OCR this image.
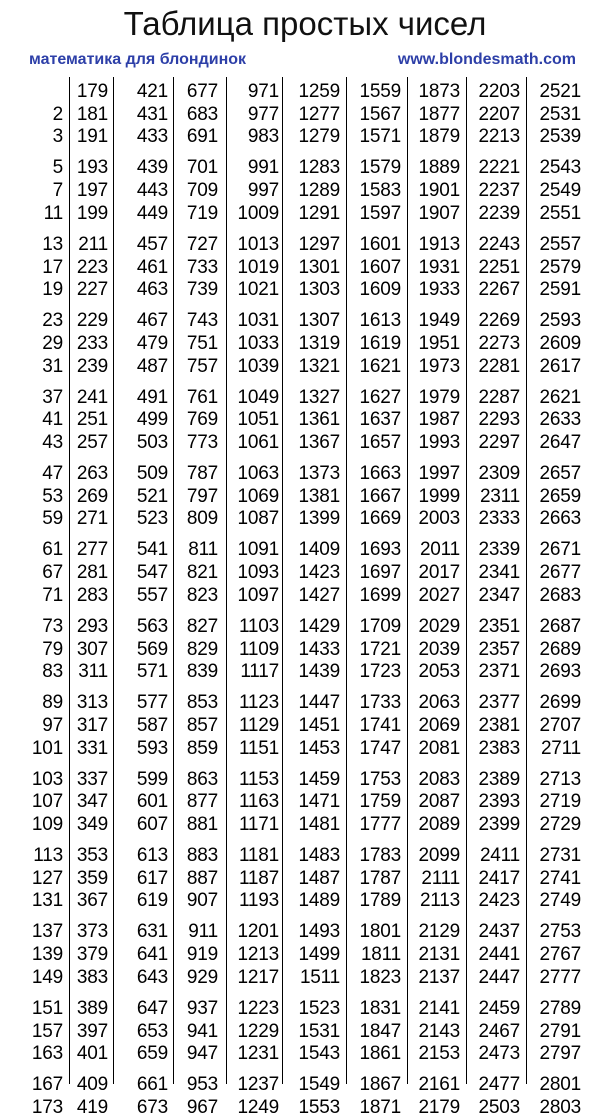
Таблица простых чисел
математика для блондинок	www.blondesmath.com
2
3
5
7
11
13
17
19
23
29
31
37
41
43
47
53
59
61
67
71
73
79
83
89
97
101
103
107
109
113
127
131
137
139
149
151
157
163
167
173
179
181
191
193
197
199
211
223
227
229
233
239
241
251
257
263
269
271
277
281
283
293
307
311
313
317
331
337
347
349
353
359
367
373
379
383
389
397
401
409
419
421
431
433
439
443
449
457
461
463
467
479
487
491
499
503
509
521
523
541
547
557
563
569
571
577
587
593
599
601
607
613
617
619
631
641
643
647
653
659
661
673
677
683
691
701
709
719
727
733
739
743
751
757
761
769
773
787
797
809
811
821
823
827
829
839
853
857
859
863
877
881
883
887
907
911
919
929
937
941
947
953
967
971
977
983
991
997
1009
1013
1019
1021
1031
1033
1039
1049
1051
1061
1063
1069
1087
1091
1093
1097
1103
1109
1117
1123
1129
1151
1153
1163
1171
1181
1187
1193
1201
1213
1217
1223
1229
1231
1237
1249
1259
1277
1279
1283
1289
1291
1297
1301
1303
1307
1319
1321
1327
1361
1367
1373
1381
1399
1409
1423
1427
1429
1433
1439
1447
1451
1453
1459
1471
1481
1483
1487
1489
1493
1499
1511
1523
1531
1543
1549
1553
1559
1567
1571
1579
1583
1597
1601
1607
1609
1613
1619
1621
1627
1637
1657
1663
1667
1669
1693
1697
1699
1709
1721
1723
1733
1741
1747
1753
1759
1777
1783
1787
1789
1801
1811
1823
1831
1847
1861
1867
1871
1873
1877
1879
1889
1901
1907
1913
1931
1933
1949
1951
1973
1979
1987
1993
1997
1999
2003
2011
2017
2027
2029
2039
2053
2063
2069
2081
2083
2087
2089
2099
2111
2113
2129
2131
2137
2141
2143
2153
2161
2179
2203
2207
2213
2221
2237
2239
2243
2251
2267
2269
2273
2281
2287
2293
2297
2309
2311
2333
2339
2341
2347
2351
2357
2371
2377
2381
2383
2389
2393
2399
2411
2417
2423
2437
2441
2447
2459
2467
2473
2477
2503
2521
2531
2539
2543
2549
2551
2557
2579
2591
2593
2609
2617
2621
2633
2647
2657
2659
2663
2671
2677
2683
2687
2689
2693
2699
2707
2711
2713
2719
2729
2731
2741
2749
2753
2767
2777
2789
2791
2797
2801
2803
